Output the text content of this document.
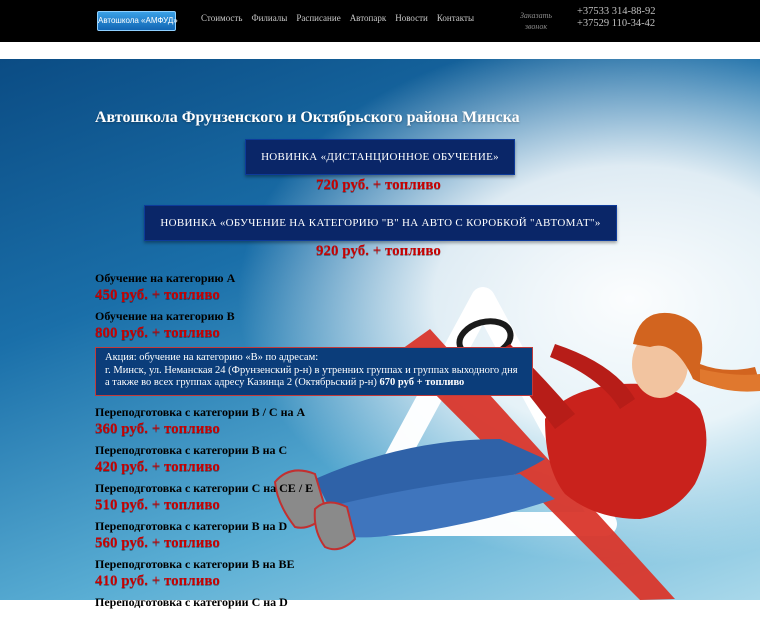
Автошкола «АМФУД»	Стоимость Филиалы Расписание Автопарк Новости Контакты	Заказать звонок
+37533 314-88-92
+37529 110-34-42
Автошкола Фрунзенского и Октябрьского района Минска
НОВИНКА «ДИСТАНЦИОННОЕ ОБУЧЕНИЕ»
720 руб. + топливо
НОВИНКА «ОБУЧЕНИЕ НА КАТЕГОРИЮ "В" НА АВТО С КОРОБКОЙ "АВТОМАТ"»
920 руб. + топливо
Обучение на категорию А
450 руб. + топливо
Обучение на категорию В
800 руб. + топливо
Акция: обучение на категорию «В» по адресам:
г. Минск, ул. Неманская 24 (Фрунзенский р-н) в утренних группах и группах выходного дня
а также во всех группах адресу Казинца 2 (Октябрьский р-н) 670 руб + топливо
Переподготовка с категории В / С на А
360 руб. + топливо
Переподготовка с категории В на С
420 руб. + топливо
Переподготовка с категории С на СЕ / Е
510 руб. + топливо
Переподготовка с категории В на D
560 руб. + топливо
Переподготовка с категории В на ВЕ
410 руб. + топливо
Переподготовка с категории С на D
